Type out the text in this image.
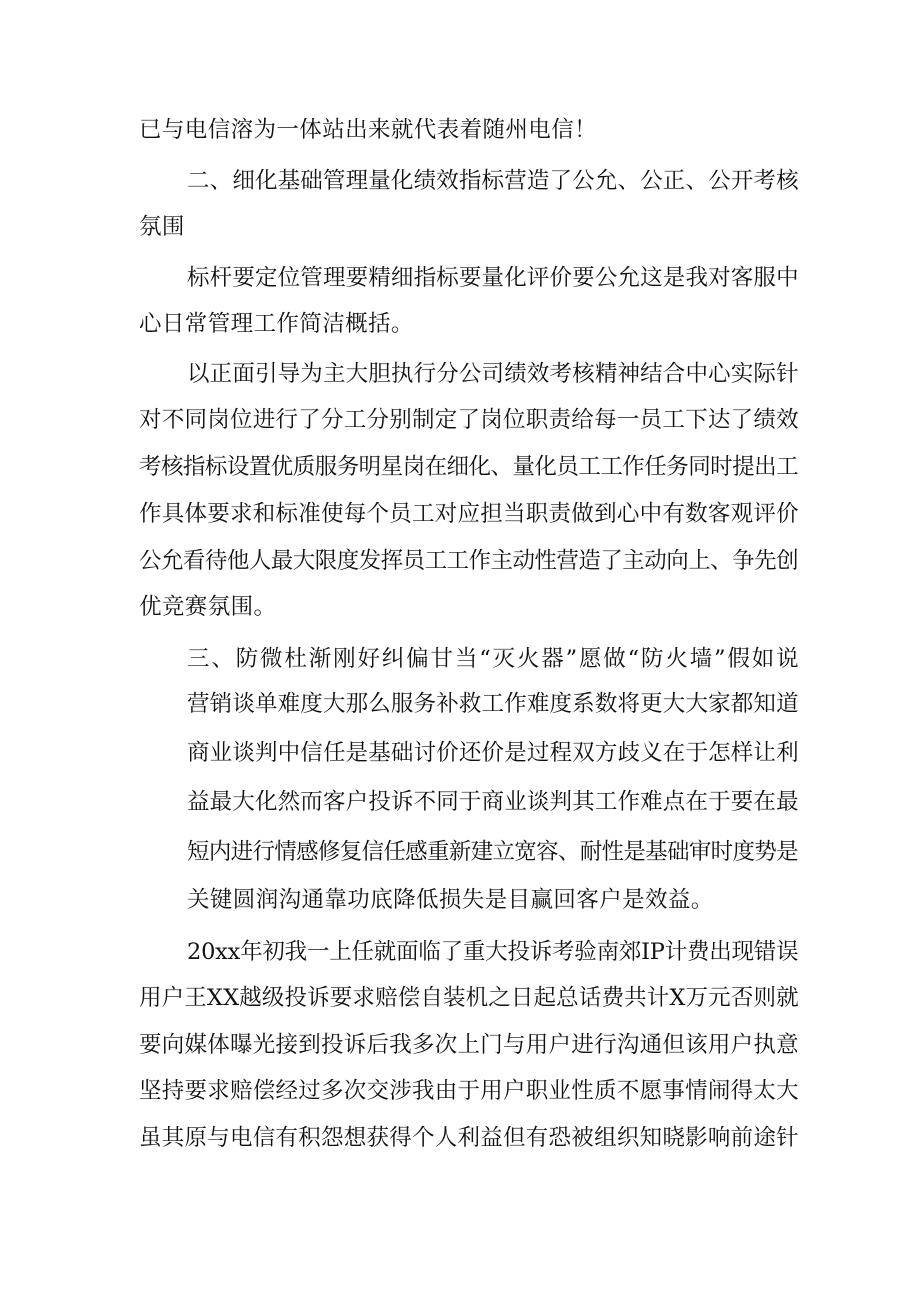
已与电信溶为一体站出来就代表着随州电信！
二、细化基础管理量化绩效指标营造了公允、公正、公开考核
氛围
标杆要定位管理要精细指标要量化评价要公允这是我对客服中
心日常管理工作简洁概括。
以正面引导为主大胆执行分公司绩效考核精神结合中心实际针
对不同岗位进行了分工分别制定了岗位职责给每一员工下达了绩效
考核指标设置优质服务明星岗在细化、量化员工工作任务同时提出工
作具体要求和标准使每个员工对应担当职责做到心中有数客观评价
公允看待他人最大限度发挥员工工作主动性营造了主动向上、争先创
优竞赛氛围。
三、防微杜渐刚好纠偏甘当“灭火器”愿做“防火墙”假如说
营销谈单难度大那么服务补救工作难度系数将更大大家都知道
商业谈判中信任是基础讨价还价是过程双方歧义在于怎样让利
益最大化然而客户投诉不同于商业谈判其工作难点在于要在最
短内进行情感修复信任感重新建立宽容、耐性是基础审时度势是
关键圆润沟通靠功底降低损失是目赢回客户是效益。
20xx年初我一上任就面临了重大投诉考验南郊IP计费出现错误
用户王XX越级投诉要求赔偿自装机之日起总话费共计X万元否则就
要向媒体曝光接到投诉后我多次上门与用户进行沟通但该用户执意
坚持要求赔偿经过多次交涉我由于用户职业性质不愿事情闹得太大
虽其原与电信有积怨想获得个人利益但有恐被组织知晓影响前途针
